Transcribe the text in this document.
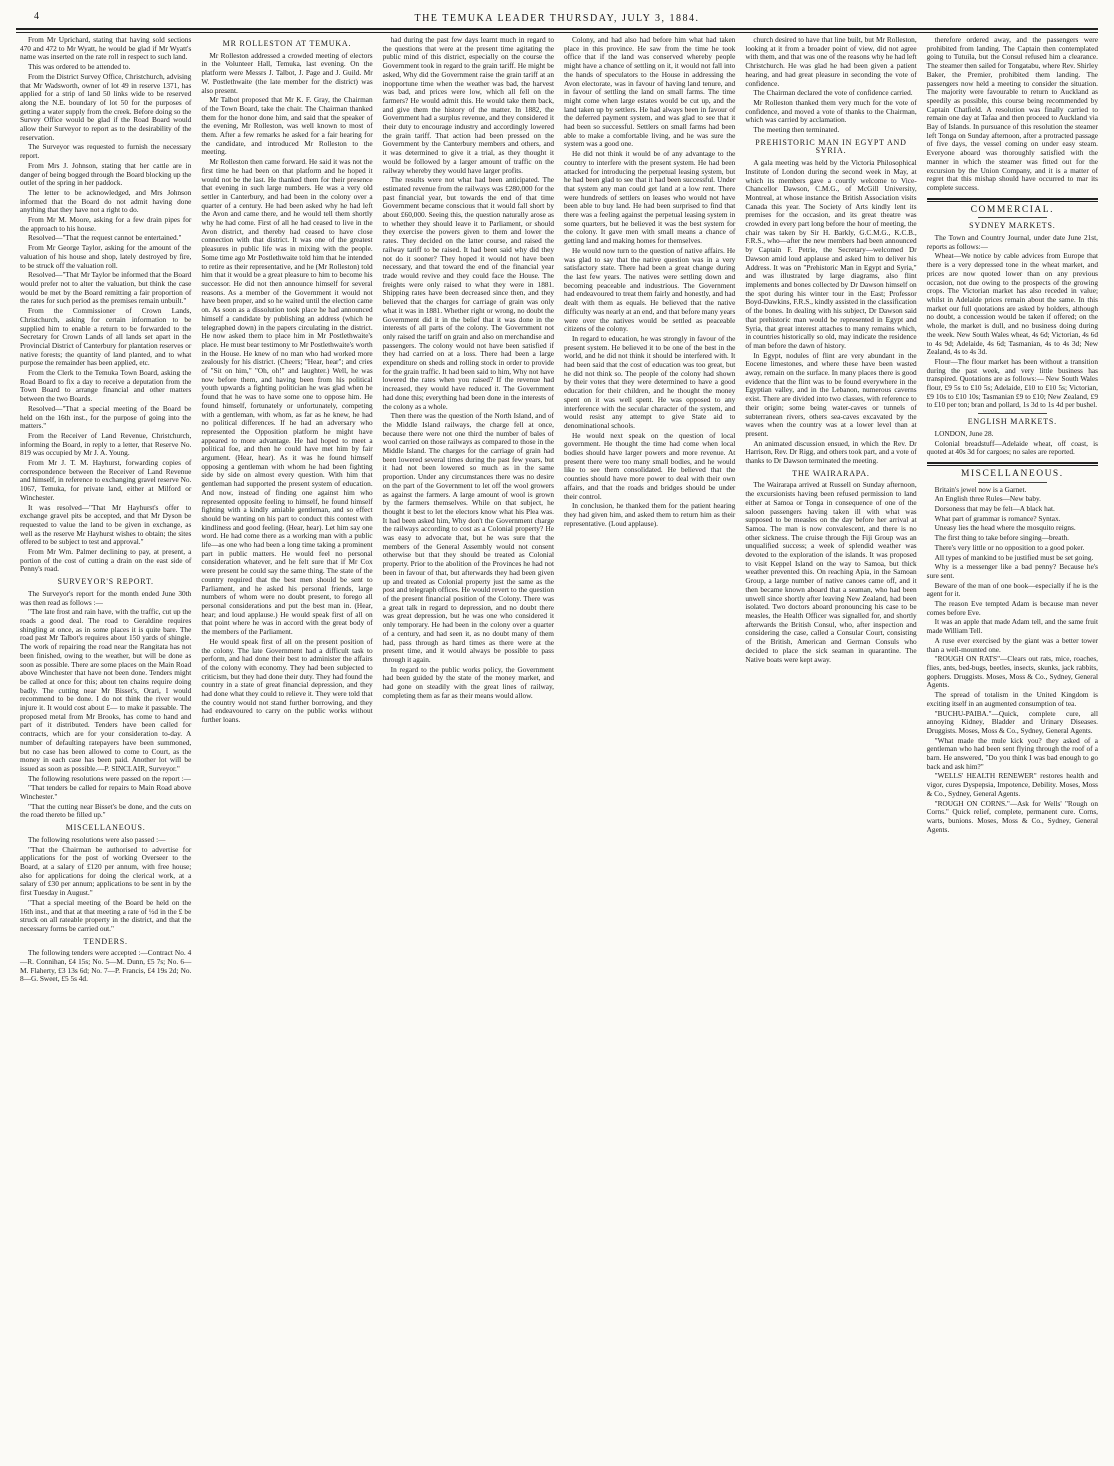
4	THE TEMUKA LEADER THURSDAY, JULY 3, 1884.

From Mr Uprichard, stating that having sold sections 470 and 472 to Mr Wyatt, he would be glad if Mr Wyatt's name was inserted on the rate roll in respect to such land.

This was ordered to be attended to.

From the District Survey Office, Christchurch, advising that Mr Wadsworth, owner of lot 49 in reserve 1371, has applied for a strip of land 50 links wide to be reserved along the N.E. boundary of lot 50 for the purposes of getting a water supply from the creek. Before doing so the Survey Office would be glad if the Road Board would allow their Surveyor to report as to the desirability of the reservation.

The Surveyor was requested to furnish the necessary report.

From Mrs J. Johnson, stating that her cattle are in danger of being bogged through the Board blocking up the outlet of the spring in her paddock.

The letter to be acknowledged, and Mrs Johnson informed that the Board do not admit having done anything that they have not a right to do.

From Mr M. Moore, asking for a few drain pipes for the approach to his house.

Resolved—"That the request cannot be entertained."

From Mr George Taylor, asking for the amount of the valuation of his house and shop, lately destroyed by fire, to be struck off the valuation roll.

Resolved—"That Mr Taylor be informed that the Board would prefer not to alter the valuation, but think the case would be met by the Board remitting a fair proportion of the rates for such period as the premises remain unbuilt."

From the Commissioner of Crown Lands, Christchurch, asking for certain information to be supplied him to enable a return to be forwarded to the Secretary for Crown Lands of all lands set apart in the Provincial District of Canterbury for plantation reserves or native forests; the quantity of land planted, and to what purpose the remainder has been applied, etc.

From the Clerk to the Temuka Town Board, asking the Road Board to fix a day to receive a deputation from the Town Board to arrange financial and other matters between the two Boards.

Resolved—"That a special meeting of the Board be held on the 16th inst., for the purpose of going into the matters."

From the Receiver of Land Revenue, Christchurch, informing the Board, in reply to a letter, that Reserve No. 819 was occupied by Mr J. A. Young.

From Mr J. T. M. Hayhurst, forwarding copies of correspondence between the Receiver of Land Revenue and himself, in reference to exchanging gravel reserve No. 1067, Temuka, for private land, either at Milford or Winchester.

It was resolved—"That Mr Hayhurst's offer to exchange gravel pits be accepted, and that Mr Dyson be requested to value the land to be given in exchange, as well as the reserve Mr Hayhurst wishes to obtain; the sites offered to be subject to test and approval."

From Mr Wm. Palmer declining to pay, at present, a portion of the cost of cutting a drain on the east side of Penny's road.

SURVEYOR'S REPORT.

The Surveyor's report for the month ended June 30th was then read as follows :—

"The late frost and rain have, with the traffic, cut up the roads a good deal. The road to Geraldine requires shingling at once, as in some places it is quite bare. The road past Mr Talbot's requires about 150 yards of shingle. The work of repairing the road near the Rangitata has not been finished, owing to the weather, but will be done as soon as possible. There are some places on the Main Road above Winchester that have not been done. Tenders might be called at once for this; about ten chains require doing badly. The cutting near Mr Bisset's, Orari, I would recommend to be done. I do not think the river would injure it. It would cost about £— to make it passable. The proposed metal from Mr Brooks, has come to hand and part of it distributed. Tenders have been called for contracts, which are for your consideration to-day. A number of defaulting ratepayers have been summoned, but no case has been allowed to come to Court, as the money in each case has been paid. Another lot will be issued as soon as possible.—P. SINCLAIR, Surveyor."

The following resolutions were passed on the report :—

"That tenders be called for repairs to Main Road above Winchester."

"That the cutting near Bisset's be done, and the cuts on the road thereto be filled up."

MISCELLANEOUS.

The following resolutions were also passed :—

"That the Chairman be authorised to advertise for applications for the post of working Overseer to the Board, at a salary of £120 per annum, with free house; also for applications for doing the clerical work, at a salary of £30 per annum; applications to be sent in by the first Tuesday in August."

"That a special meeting of the Board be held on the 16th inst., and that at that meeting a rate of ½d in the £ be struck on all rateable property in the district, and that the necessary forms be carried out."

TENDERS.

The following tenders were accepted :—Contract No. 4—R. Connihan, £4 15s; No. 5—M. Dunn, £5 7s; No. 6—M. Flaherty, £3 13s 6d; No. 7—P. Francis, £4 19s 2d; No. 8—G. Sweet, £5 5s 4d.

MR ROLLESTON AT TEMUKA.

Mr Rolleston addressed a crowded meeting of electors in the Volunteer Hall, Temuka, last evening. On the platform were Messrs J. Talbot, J. Page and J. Guild. Mr W. Postlethwaite (the late member for the district) was also present.

Mr Talbot proposed that Mr K. F. Gray, the Chairman of the Town Board, take the chair. The Chairman thanked them for the honor done him, and said that the speaker of the evening, Mr Rolleston, was well known to most of them. After a few remarks he asked for a fair hearing for the candidate, and introduced Mr Rolleston to the meeting.

Mr Rolleston then came forward. He said it was not the first time he had been on that platform and he hoped it would not be the last. He thanked them for their presence that evening in such large numbers. He was a very old settler in Canterbury, and had been in the colony over a quarter of a century. He had been asked why he had left the Avon and came there, and he would tell them shortly why he had come. First of all he had ceased to live in the Avon district, and thereby had ceased to have close connection with that district. It was one of the greatest pleasures in public life was in mixing with the people. Some time ago Mr Postlethwaite told him that he intended to retire as their representative, and he (Mr Rolleston) told him that it would be a great pleasure to him to become his successor. He did not then announce himself for several reasons. As a member of the Government it would not have been proper, and so he waited until the election came on. As soon as a dissolution took place he had announced himself a candidate by publishing an address (which he telegraphed down) in the papers circulating in the district. He now asked them to place him in Mr Postlethwaite's place. He must bear testimony to Mr Postlethwaite's worth in the House. He knew of no man who had worked more zealously for his district. (Cheers; "Hear, hear"; and cries of "Sit on him," "Oh, oh!" and laughter.) Well, he was now before them, and having been from his political youth upwards a fighting politician he was glad when he found that he was to have some one to oppose him. He found himself, fortunately or unfortunately, competing with a gentleman, with whom, as far as he knew, he had no political differences. If he had an adversary who represented the Opposition platform he might have appeared to more advantage. He had hoped to meet a political foe, and then he could have met him by fair argument. (Hear, hear). As it was he found himself opposing a gentleman with whom he had been fighting side by side on almost every question. With him that gentleman had supported the present system of education. And now, instead of finding one against him who represented opposite feeling to himself, he found himself fighting with a kindly amiable gentleman, and so effect should be wanting on his part to conduct this contest with kindliness and good feeling. (Hear, hear). Let him say one word. He had come there as a working man with a public life—as one who had been a long time taking a prominent part in public matters. He would feel no personal consideration whatever, and he felt sure that if Mr Cox were present he could say the same thing. The state of the country required that the best men should be sent to Parliament, and he asked his personal friends, large numbers of whom were no doubt present, to forego all personal considerations and put the best man in. (Hear, hear; and loud applause.) He would speak first of all on that point where he was in accord with the great body of the members of the Parliament.

He would speak first of all on the present position of the colony. The late Government had a difficult task to perform, and had done their best to administer the affairs of the colony with economy. They had been subjected to criticism, but they had done their duty. They had found the country in a state of great financial depression, and they had done what they could to relieve it. They were told that the country would not stand further borrowing, and they had endeavoured to carry on the public works without further loans.

had during the past few days learnt much in regard to the questions that were at the present time agitating the public mind of this district, especially on the course the Government took in regard to the grain tariff. He might be asked, Why did the Government raise the grain tariff at an inopportune time when the weather was bad, the harvest was bad, and prices were low, which all fell on the farmers? He would admit this. He would take them back, and give them the history of the matter. In 1882, the Government had a surplus revenue, and they considered it their duty to encourage industry and accordingly lowered the grain tariff. That action had been pressed on the Government by the Canterbury members and others, and it was determined to give it a trial, as they thought it would be followed by a larger amount of traffic on the railway whereby they would have larger profits.

The results were not what had been anticipated. The estimated revenue from the railways was £280,000 for the past financial year, but towards the end of that time Government became conscious that it would fall short by about £60,000. Seeing this, the question naturally arose as to whether they should leave it to Parliament, or should they exercise the powers given to them and lower the rates. They decided on the latter course, and raised the railway tariff to be raised. It had been said why did they not do it sooner? They hoped it would not have been necessary, and that toward the end of the financial year trade would revive and they could face the House. The freights were only raised to what they were in 1881. Shipping rates have been decreased since then, and they believed that the charges for carriage of grain was only what it was in 1881. Whether right or wrong, no doubt the Government did it in the belief that it was done in the interests of all parts of the colony. The Government not only raised the tariff on grain and also on merchandise and passengers. The colony would not have been satisfied if they had carried on at a loss. There had been a large expenditure on sheds and rolling stock in order to provide for the grain traffic. It had been said to him, Why not have lowered the rates when you raised? If the revenue had increased, they would have reduced it. The Government had done this; everything had been done in the interests of the colony as a whole.

Then there was the question of the North Island, and of the Middle Island railways, the charge fell at once, because there were not one third the number of bales of wool carried on those railways as compared to those in the Middle Island. The charges for the carriage of grain had been lowered several times during the past few years, but it had not been lowered so much as in the same proportion. Under any circumstances there was no desire on the part of the Government to let off the wool growers as against the farmers. A large amount of wool is grown by the farmers themselves. While on that subject, he thought it best to let the electors know what his Plea was. It had been asked him, Why don't the Government charge the railways according to cost as a Colonial property? He was easy to advocate that, but he was sure that the members of the General Assembly would not consent otherwise but that they should be treated as Colonial property. Prior to the abolition of the Provinces he had not been in favour of that, but afterwards they had been given up and treated as Colonial property just the same as the post and telegraph offices. He would revert to the question of the present financial position of the Colony. There was a great talk in regard to depression, and no doubt there was great depression, but he was one who considered it only temporary. He had been in the colony over a quarter of a century, and had seen it, as no doubt many of them had, pass through as hard times as there were at the present time, and it would always be possible to pass through it again.

In regard to the public works policy, the Government had been guided by the state of the money market, and had gone on steadily with the great lines of railway, completing them as far as their means would allow.

Colony, and had also had before him what had taken place in this province. He saw from the time he took office that if the land was conserved whereby people might have a chance of settling on it, it would not fall into the hands of speculators to the House in addressing the Avon electorate, was in favour of having land tenure, and in favour of settling the land on small farms. The time might come when large estates would be cut up, and the land taken up by settlers. He had always been in favour of the deferred payment system, and was glad to see that it had been so successful. Settlers on small farms had been able to make a comfortable living, and he was sure the system was a good one.

He did not think it would be of any advantage to the country to interfere with the present system. He had been attacked for introducing the perpetual leasing system, but he had been glad to see that it had been successful. Under that system any man could get land at a low rent. There were hundreds of settlers on leases who would not have been able to buy land. He had been surprised to find that there was a feeling against the perpetual leasing system in some quarters, but he believed it was the best system for the colony. It gave men with small means a chance of getting land and making homes for themselves.

He would now turn to the question of native affairs. He was glad to say that the native question was in a very satisfactory state. There had been a great change during the last few years. The natives were settling down and becoming peaceable and industrious. The Government had endeavoured to treat them fairly and honestly, and had dealt with them as equals. He believed that the native difficulty was nearly at an end, and that before many years were over the natives would be settled as peaceable citizens of the colony.

In regard to education, he was strongly in favour of the present system. He believed it to be one of the best in the world, and he did not think it should be interfered with. It had been said that the cost of education was too great, but he did not think so. The people of the colony had shown by their votes that they were determined to have a good education for their children, and he thought the money spent on it was well spent. He was opposed to any interference with the secular character of the system, and would resist any attempt to give State aid to denominational schools.

He would next speak on the question of local government. He thought the time had come when local bodies should have larger powers and more revenue. At present there were too many small bodies, and he would like to see them consolidated. He believed that the counties should have more power to deal with their own affairs, and that the roads and bridges should be under their control.

In conclusion, he thanked them for the patient hearing they had given him, and asked them to return him as their representative. (Loud applause).

church desired to have that line built, but Mr Rolleston, looking at it from a broader point of view, did not agree with them, and that was one of the reasons why he had left Christchurch. He was glad he had been given a patient hearing, and had great pleasure in seconding the vote of confidence.

The Chairman declared the vote of confidence carried.

Mr Rolleston thanked them very much for the vote of confidence, and moved a vote of thanks to the Chairman, which was carried by acclamation.

The meeting then terminated.

PREHISTORIC MAN IN EGYPT AND SYRIA.

A gala meeting was held by the Victoria Philosophical Institute of London during the second week in May, at which its members gave a courtly welcome to Vice-Chancellor Dawson, C.M.G., of McGill University, Montreal, at whose instance the British Association visits Canada this year. The Society of Arts kindly lent its premises for the occasion, and its great theatre was crowded in every part long before the hour of meeting, the chair was taken by Sir H. Barkly, G.C.M.G., K.C.B., F.R.S., who—after the new members had been announced by Captain F. Petrie, the Secretary—welcomed Dr Dawson amid loud applause and asked him to deliver his Address. It was on "Prehistoric Man in Egypt and Syria," and was illustrated by large diagrams, also flint implements and bones collected by Dr Dawson himself on the spot during his winter tour in the East; Professor Boyd-Dawkins, F.R.S., kindly assisted in the classification of the bones. In dealing with his subject, Dr Dawson said that prehistoric man would be represented in Egypt and Syria, that great interest attaches to many remains which, in countries historically so old, may indicate the residence of man before the dawn of history.

In Egypt, nodules of flint are very abundant in the Eocene limestones, and where these have been wasted away, remain on the surface. In many places there is good evidence that the flint was to be found everywhere in the Egyptian valley, and in the Lebanon, numerous caverns exist. There are divided into two classes, with reference to their origin; some being water-caves or tunnels of subterranean rivers, others sea-caves excavated by the waves when the country was at a lower level than at present.

An animated discussion ensued, in which the Rev. Dr Harrison, Rev. Dr Rigg, and others took part, and a vote of thanks to Dr Dawson terminated the meeting.

THE WAIRARAPA.

The Wairarapa arrived at Russell on Sunday afternoon, the excursionists having been refused permission to land either at Samoa or Tonga in consequence of one of the saloon passengers having taken ill with what was supposed to be measles on the day before her arrival at Samoa. The man is now convalescent, and there is no other sickness. The cruise through the Fiji Group was an unqualified success; a week of splendid weather was devoted to the exploration of the islands. It was proposed to visit Keppel Island on the way to Samoa, but thick weather prevented this. On reaching Apia, in the Samoan Group, a large number of native canoes came off, and it then became known aboard that a seaman, who had been unwell since shortly after leaving New Zealand, had been isolated. Two doctors aboard pronouncing his case to be measles, the Health Officer was signalled for, and shortly afterwards the British Consul, who, after inspection and considering the case, called a Consular Court, consisting of the British, American and German Consuls who decided to place the sick seaman in quarantine. The Native boats were kept away.

therefore ordered away, and the passengers were prohibited from landing. The Captain then contemplated going to Tutuila, but the Consul refused him a clearance. The steamer then sailed for Tongatabu, where Rev. Shirley Baker, the Premier, prohibited them landing. The passengers now held a meeting to consider the situation. The majority were favourable to return to Auckland as speedily as possible, this course being recommended by Captain Chatfield. A resolution was finally carried to remain one day at Tafaa and then proceed to Auckland via Bay of Islands. In pursuance of this resolution the steamer left Tonga on Sunday afternoon, after a protracted passage of five days, the vessel coming on under easy steam. Everyone aboard was thoroughly satisfied with the manner in which the steamer was fitted out for the excursion by the Union Company, and it is a matter of regret that this mishap should have occurred to mar its complete success.

COMMERCIAL.
SYDNEY MARKETS.

The Town and Country Journal, under date June 21st, reports as follows:—

Wheat—We notice by cable advices from Europe that there is a very depressed tone in the wheat market, and prices are now quoted lower than on any previous occasion, not due owing to the prospects of the growing crops. The Victorian market has also receded in value; whilst in Adelaide prices remain about the same. In this market our full quotations are asked by holders, although no doubt, a concession would be taken if offered; on the whole, the market is dull, and no business doing during the week. New South Wales wheat, 4s 6d; Victorian, 4s 6d to 4s 9d; Adelaide, 4s 6d; Tasmanian, 4s to 4s 3d; New Zealand, 4s to 4s 3d.

Flour—The flour market has been without a transition during the past week, and very little business has transpired. Quotations are as follows:— New South Wales flour, £9 5s to £10 5s; Adelaide, £10 to £10 5s; Victorian, £9 10s to £10 10s; Tasmanian £9 to £10; New Zealand, £9 to £10 per ton; bran and pollard, 1s 3d to 1s 4d per bushel.

ENGLISH MARKETS.

LONDON, June 28.

Colonial breadstuff—Adelaide wheat, off coast, is quoted at 40s 3d for cargoes; no sales are reported.

MISCELLANEOUS.

Britain's jewel now is a Garnet.

An English three Rules—New baby.

Dorsoness that may be felt—A black hat.

What part of grammar is romance? Syntax.

Uneasy lies the head where the mosquito reigns.

The first thing to take before singing—breath.

There's very little or no opposition to a good poker.

All types of mankind to be justified must be set going.

Why is a messenger like a bad penny? Because he's sure sent.

Beware of the man of one book—especially if he is the agent for it.

The reason Eve tempted Adam is because man never comes before Eve.

It was an apple that made Adam tell, and the same fruit made William Tell.

A ruse ever exercised by the giant was a better tower than a well-mounted one.

"ROUGH ON RATS"—Clears out rats, mice, roaches, flies, ants, bed-bugs, beetles, insects, skunks, jack rabbits, gophers. Druggists. Moses, Moss & Co., Sydney, General Agents.

The spread of totalism in the United Kingdom is exciting itself in an augmented consumption of tea.

"BUCHU-PAIBA."—Quick, complete cure, all annoying Kidney, Bladder and Urinary Diseases. Druggists. Moses, Moss & Co., Sydney, General Agents.

"What made the mule kick you? they asked of a gentleman who had been sent flying through the roof of a barn. He answered, "Do you think I was bad enough to go back and ask him?"

"WELLS' HEALTH RENEWER" restores health and vigor, cures Dyspepsia, Impotence, Debility. Moses, Moss & Co., Sydney, General Agents.

"ROUGH ON CORNS."—Ask for Wells' "Rough on Corns." Quick relief, complete, permanent cure. Corns, warts, bunions. Moses, Moss & Co., Sydney, General Agents.
